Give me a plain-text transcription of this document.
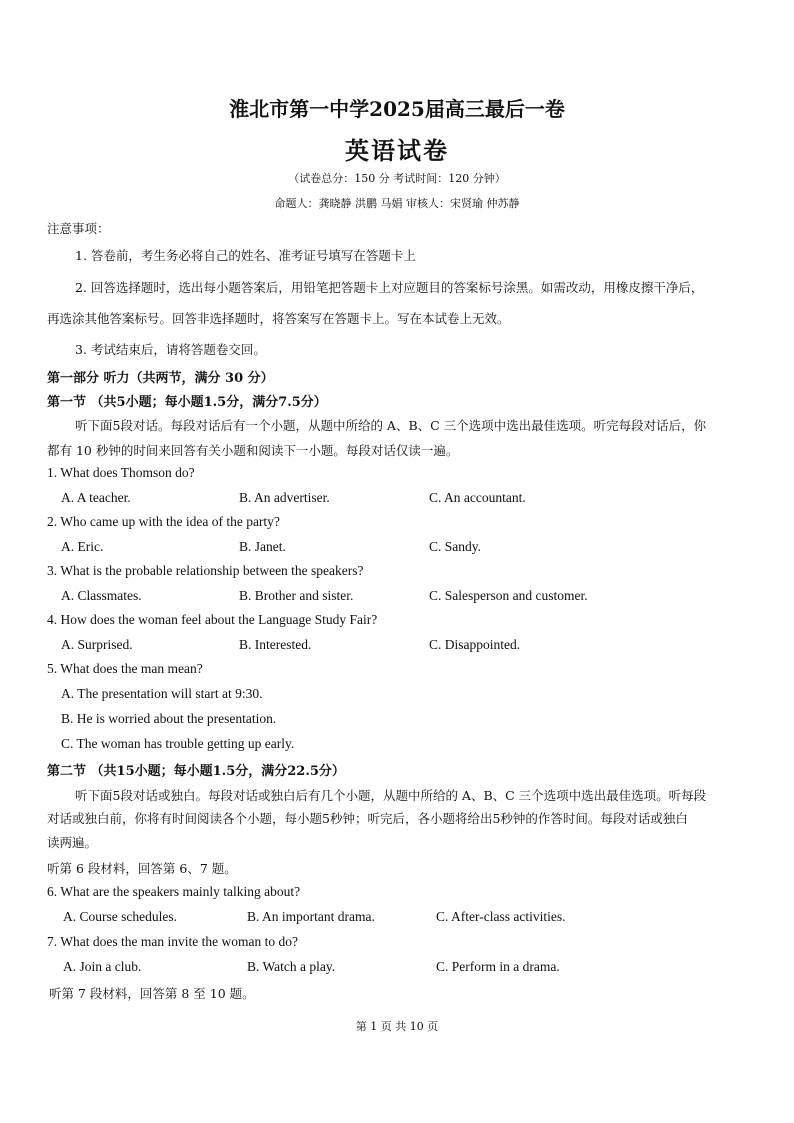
淮北市第一中学2025届高三最后一卷
英语试卷
（试卷总分：150 分 考试时间：120 分钟）
命题人：龚晓静 洪鹏 马娟 审核人：宋贤瑜 仲苏静
注意事项：
1. 答卷前，考生务必将自己的姓名、准考证号填写在答题卡上
2. 回答选择题时，选出每小题答案后，用铅笔把答题卡上对应题目的答案标号涂黑。如需改动，用橡皮擦干净后，
再选涂其他答案标号。回答非选择题时，将答案写在答题卡上。写在本试卷上无效。
3. 考试结束后，请将答题卷交回。
第一部分 听力（共两节，满分 30 分）
第一节 （共5小题；每小题1.5分，满分7.5分）
听下面5段对话。每段对话后有一个小题，从题中所给的 A、B、C 三个选项中选出最佳选项。听完每段对话后，你
都有 10 秒钟的时间来回答有关小题和阅读下一小题。每段对话仅读一遍。
1. What does Thomson do?
A. A teacher.	B. An advertiser.	C. An accountant.
2. Who came up with the idea of the party?
A. Eric.	B. Janet.	C. Sandy.
3. What is the probable relationship between the speakers?
A. Classmates.	B. Brother and sister.	C. Salesperson and customer.
4. How does the woman feel about the Language Study Fair?
A. Surprised.	B. Interested.	C. Disappointed.
5. What does the man mean?
A. The presentation will start at 9:30.
B. He is worried about the presentation.
C. The woman has trouble getting up early.
第二节 （共15小题；每小题1.5分，满分22.5分）
听下面5段对话或独白。每段对话或独白后有几个小题，从题中所给的 A、B、C 三个选项中选出最佳选项。听每段
对话或独白前，你将有时间阅读各个小题，每小题5秒钟；听完后，各小题将给出5秒钟的作答时间。每段对话或独白
读两遍。
听第 6 段材料，回答第 6、7 题。
6. What are the speakers mainly talking about?
A. Course schedules.	B. An important drama.	C. After-class activities.
7. What does the man invite the woman to do?
A. Join a club.	B. Watch a play.	C. Perform in a drama.
听第 7 段材料，回答第 8 至 10 题。
第 1 页 共 10 页
